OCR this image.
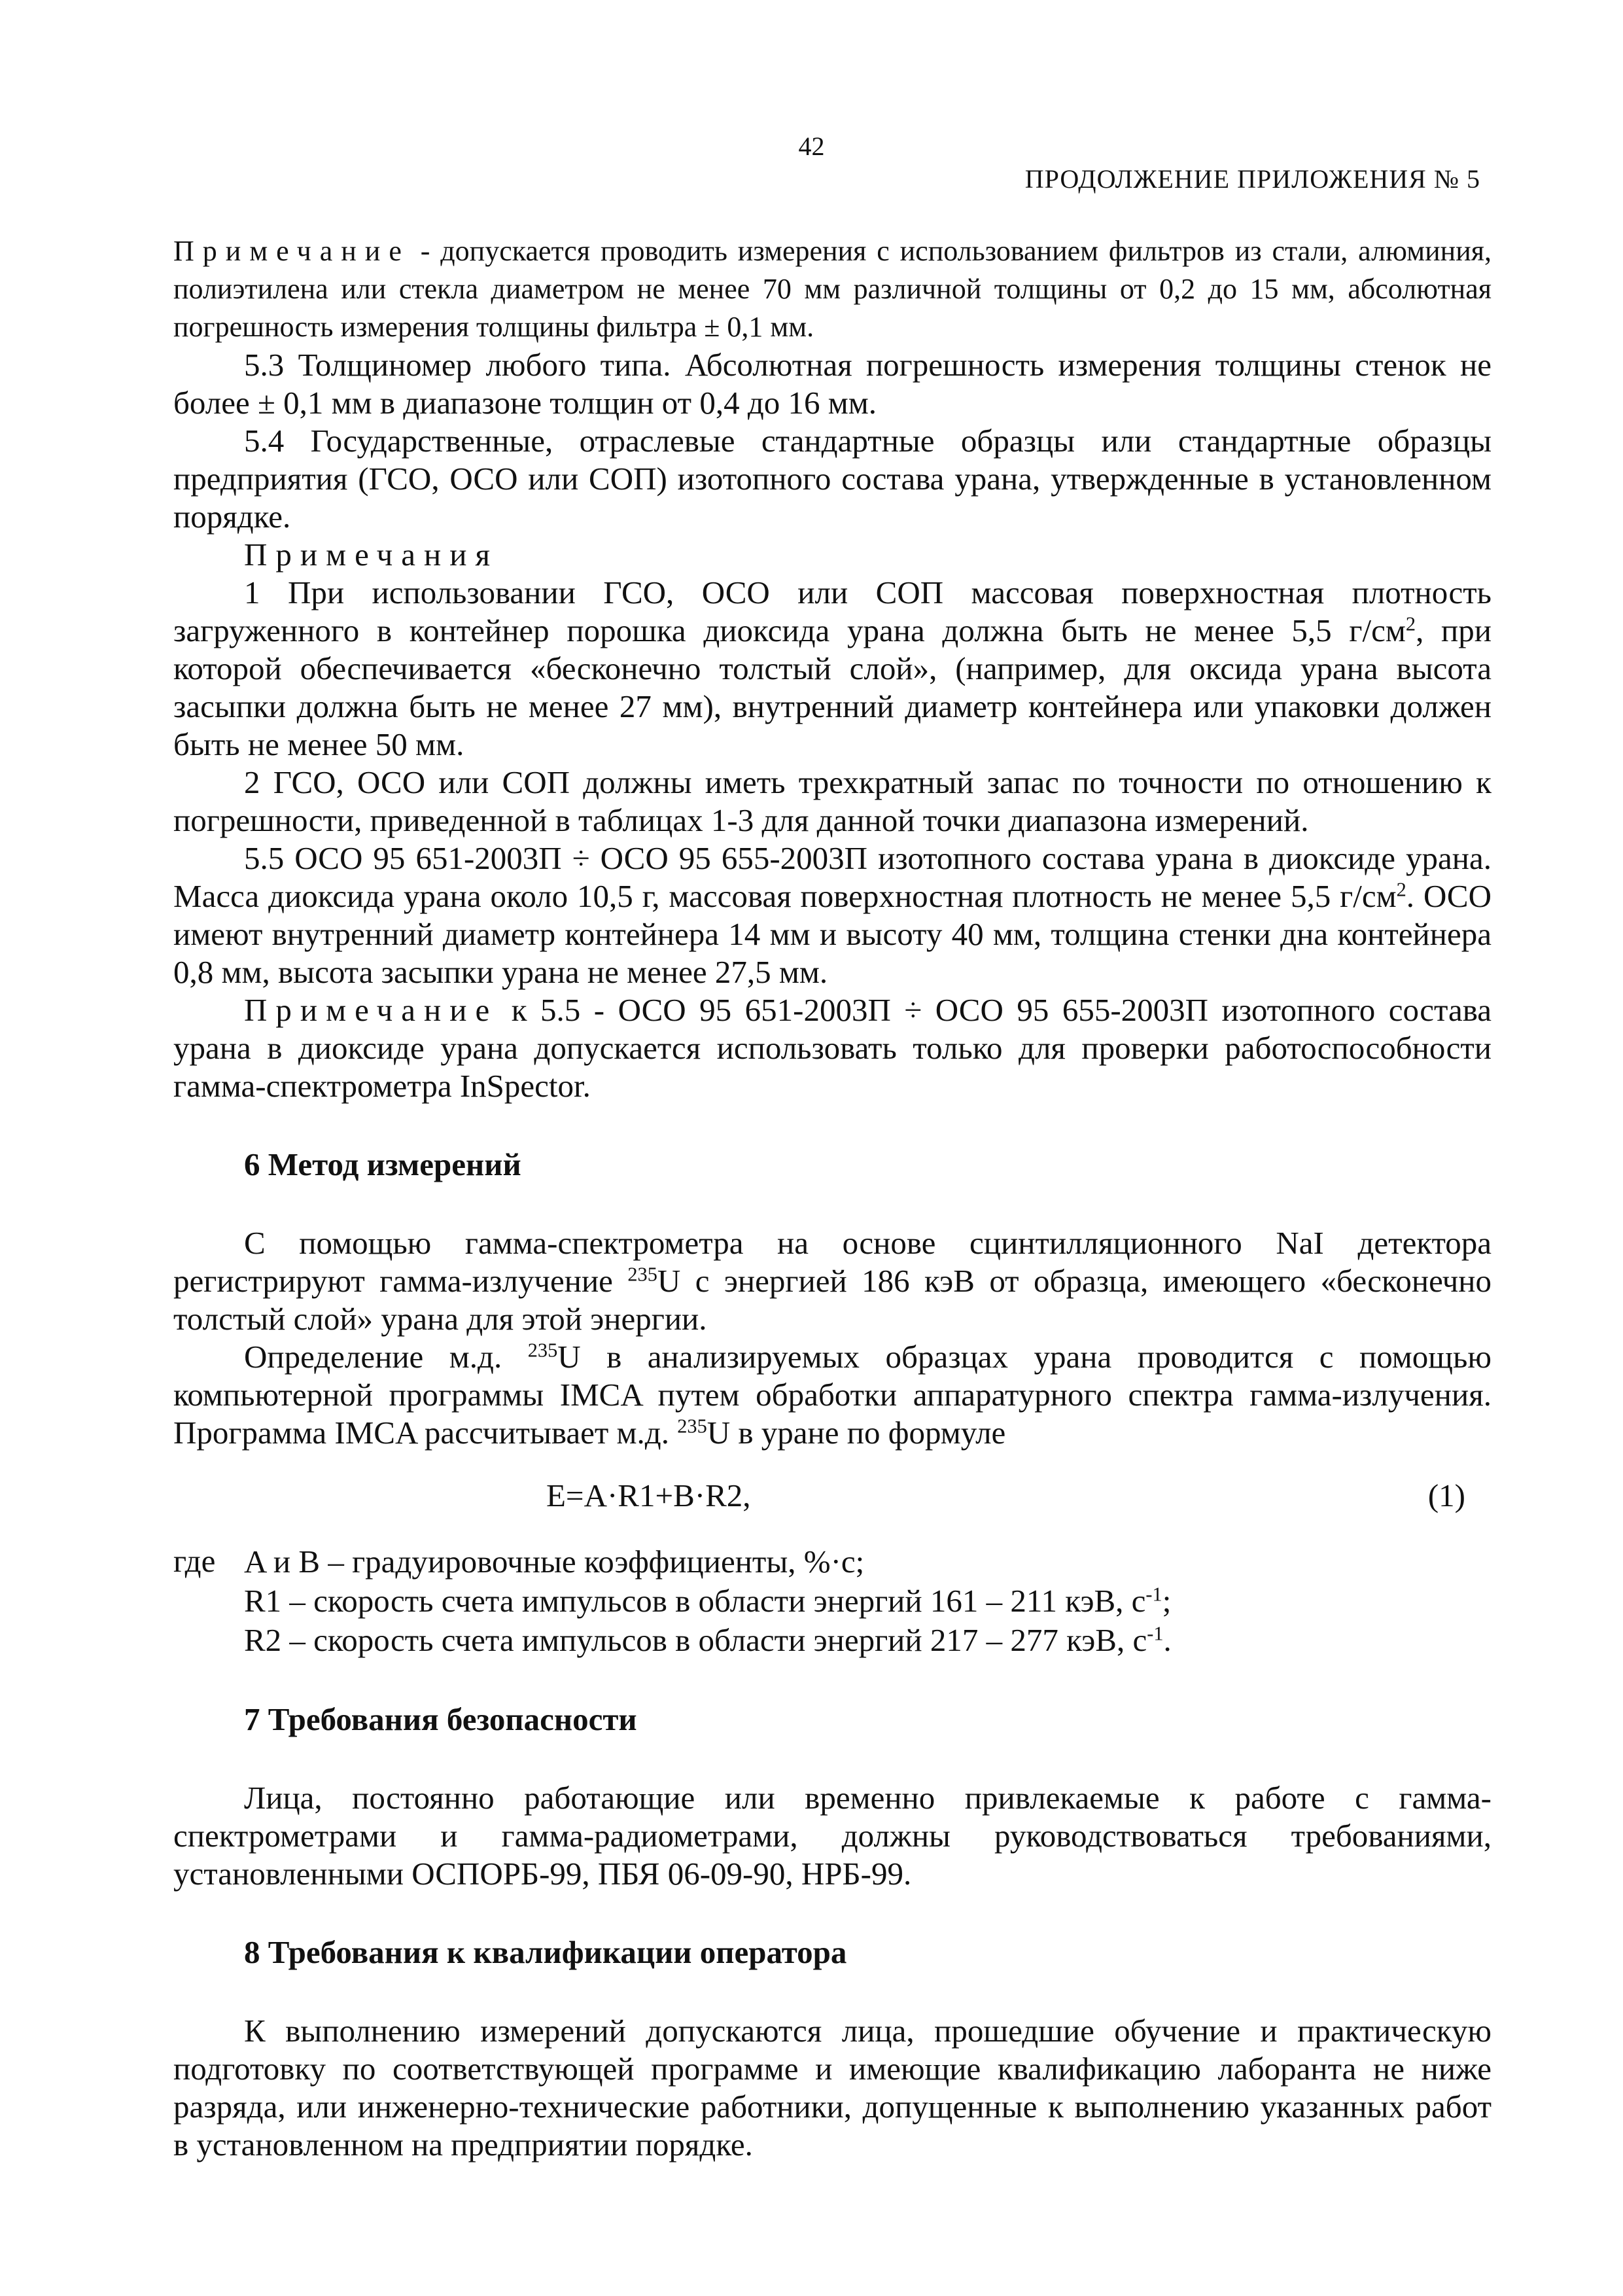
42
ПРОДОЛЖЕНИЕ ПРИЛОЖЕНИЯ № 5

Примечание - допускается проводить измерения с использованием фильтров из стали, алюминия, полиэтилена или стекла диаметром не менее 70 мм различной толщины от 0,2 до 15 мм, абсолютная погрешность измерения толщины фильтра ± 0,1 мм.

5.3 Толщиномер любого типа. Абсолютная погрешность измерения толщины стенок не более ± 0,1 мм в диапазоне толщин от 0,4 до 16 мм.

5.4 Государственные, отраслевые стандартные образцы или стандартные образцы предприятия (ГСО, ОСО или СОП) изотопного состава урана, утвержденные в установленном порядке.

Примечания

1 При использовании ГСО, ОСО или СОП массовая поверхностная плотность загруженного в контейнер порошка диоксида урана должна быть не менее 5,5 $г/см^2$, при которой обеспечивается «бесконечно толстый слой», (например, для оксида урана высота засыпки должна быть не менее 27 мм), внутренний диаметр контейнера или упаковки должен быть не менее 50 мм.

2 ГСО, ОСО или СОП должны иметь трехкратный запас по точности по отношению к погрешности, приведенной в таблицах 1-3 для данной точки диапазона измерений.

5.5 ОСО 95 651-2003П ÷ ОСО 95 655-2003П изотопного состава урана в диоксиде урана. Масса диоксида урана около 10,5 г, массовая поверхностная плотность не менее 5,5 $г/см^2$. ОСО имеют внутренний диаметр контейнера 14 мм и высоту 40 мм, толщина стенки дна контейнера 0,8 мм, высота засыпки урана не менее 27,5 мм.

Примечание к 5.5 - ОСО 95 651-2003П ÷ ОСО 95 655-2003П изотопного состава урана в диоксиде урана допускается использовать только для проверки работоспособности гамма-спектрометра InSpector.

6 Метод измерений

С помощью гамма-спектрометра на основе сцинтилляционного NaI детектора регистрируют гамма-излучение $^{235}$U с энергией 186 кэВ от образца, имеющего «бесконечно толстый слой» урана для этой энергии.

Определение м.д. $^{235}$U в анализируемых образцах урана проводится с помощью компьютерной программы IMCA путем обработки аппаратурного спектра гамма-излучения. Программа IMCA рассчитывает м.д. $^{235}$U в уране по формуле

E=A·R1+B·R2,	(1)
где A и B – градуировочные коэффициенты, %·с;
R1 – скорость счета импульсов в области энергий 161 – 211 кэВ, $с^{-1}$;
R2 – скорость счета импульсов в области энергий 217 – 277 кэВ, $с^{-1}$.

7 Требования безопасности

Лица, постоянно работающие или временно привлекаемые к работе с гамма-спектрометрами и гамма-радиометрами, должны руководствоваться требованиями, установленными ОСПОРБ-99, ПБЯ 06-09-90, НРБ-99.

8 Требования к квалификации оператора

К выполнению измерений допускаются лица, прошедшие обучение и практическую подготовку по соответствующей программе и имеющие квалификацию лаборанта не ниже разряда, или инженерно-технические работники, допущенные к выполнению указанных работ в установленном на предприятии порядке.
